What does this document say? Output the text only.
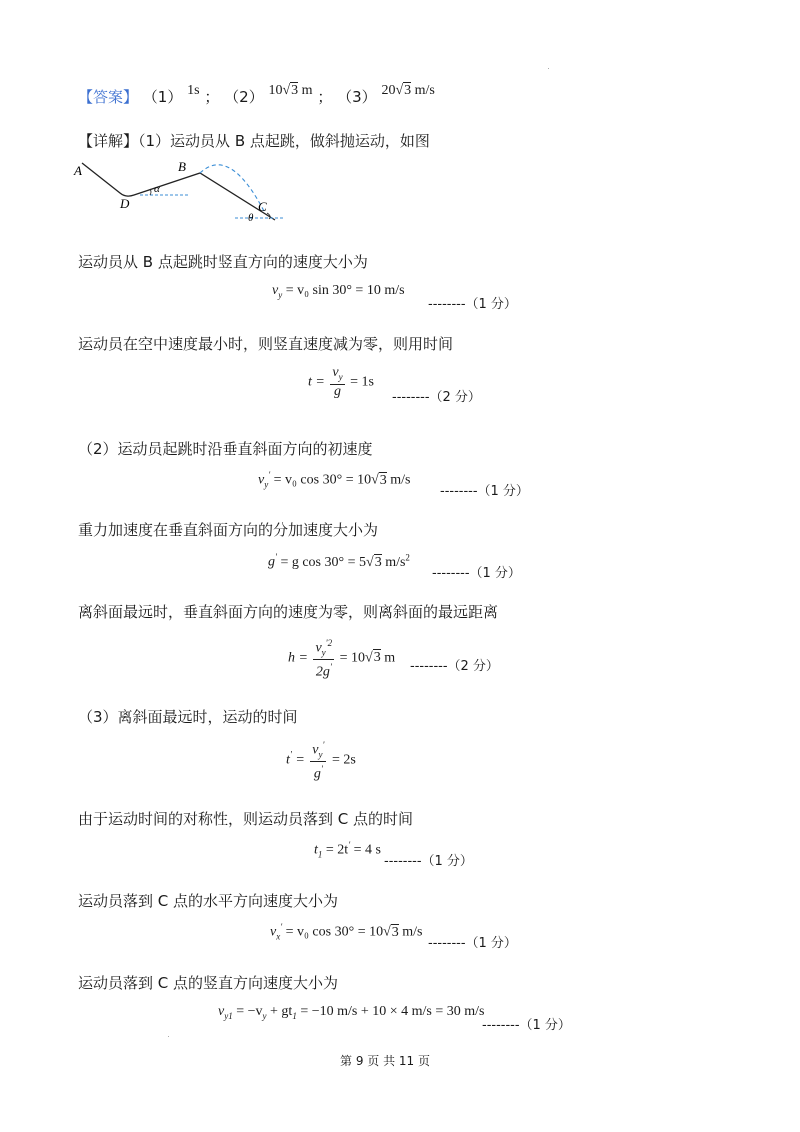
【答案】 （1） 1s ； （2） 10√3 m ； （3） 20√3 m/s
【详解】（1）运动员从 B 点起跳，做斜抛运动，如图
A	B
D	C
α
θ
运动员从 B 点起跳时竖直方向的速度大小为
$v_y = v_0$ sin 30° = 10 m/s
--------（1 分）
运动员在空中速度最小时，则竖直速度减为零，则用时间
$t = \frac{v_y}{g} = 1s$
--------（2 分）
（2）运动员起跳时沿垂直斜面方向的初速度
$v_y' = v_0$ cos 30° = 10√3 m/s
--------（1 分）
重力加速度在垂直斜面方向的分加速度大小为
g' = g cos 30° = 5√3 $m/s^2$
--------（1 分）
离斜面最远时，垂直斜面方向的速度为零，则离斜面的最远距离
$h = \frac{v_y^{'2}}{2g'} = 10√3$ m
--------（2 分）
（3）离斜面最远时，运动的时间
$t' = \frac{v_y'}{g'} = 2s$
由于运动时间的对称性，则运动员落到 C 点的时间
$t_1 = 2t' = 4$ s
--------（1 分）
运动员落到 C 点的水平方向速度大小为
$v_x' = v_0$ cos 30° = 10√3 m/s
--------（1 分）
运动员落到 C 点的竖直方向速度大小为
$v_{y1} = -v_y + gt_1 = -10$ m/s + 10 × 4 m/s = 30 m/s
--------（1 分）
第 9 页 共 11 页
